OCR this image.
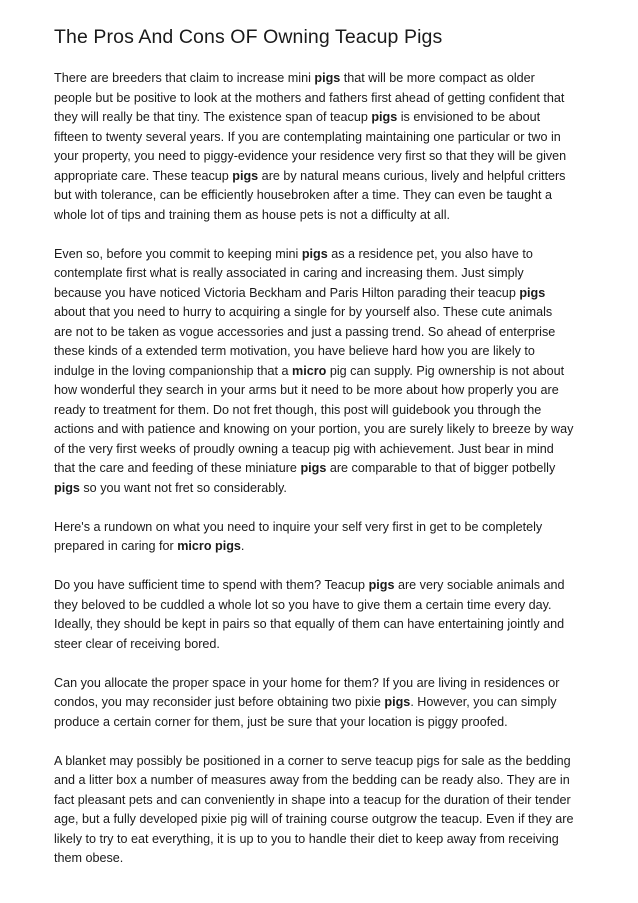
The Pros And Cons OF Owning Teacup Pigs

There are breeders that claim to increase mini pigs that will be more compact as older
people but be positive to look at the mothers and fathers first ahead of getting confident that
they will really be that tiny. The existence span of teacup pigs is envisioned to be about
fifteen to twenty several years. If you are contemplating maintaining one particular or two in
your property, you need to piggy-evidence your residence very first so that they will be given
appropriate care. These teacup pigs are by natural means curious, lively and helpful critters
but with tolerance, can be efficiently housebroken after a time. They can even be taught a
whole lot of tips and training them as house pets is not a difficulty at all.

Even so, before you commit to keeping mini pigs as a residence pet, you also have to
contemplate first what is really associated in caring and increasing them. Just simply
because you have noticed Victoria Beckham and Paris Hilton parading their teacup pigs
about that you need to hurry to acquiring a single for by yourself also. These cute animals
are not to be taken as vogue accessories and just a passing trend. So ahead of enterprise
these kinds of a extended term motivation, you have believe hard how you are likely to
indulge in the loving companionship that a micro pig can supply. Pig ownership is not about
how wonderful they search in your arms but it need to be more about how properly you are
ready to treatment for them. Do not fret though, this post will guidebook you through the
actions and with patience and knowing on your portion, you are surely likely to breeze by way
of the very first weeks of proudly owning a teacup pig with achievement. Just bear in mind
that the care and feeding of these miniature pigs are comparable to that of bigger potbelly
pigs so you want not fret so considerably.

Here's a rundown on what you need to inquire your self very first in get to be completely
prepared in caring for micro pigs.

Do you have sufficient time to spend with them? Teacup pigs are very sociable animals and
they beloved to be cuddled a whole lot so you have to give them a certain time every day.
Ideally, they should be kept in pairs so that equally of them can have entertaining jointly and
steer clear of receiving bored.

Can you allocate the proper space in your home for them? If you are living in residences or
condos, you may reconsider just before obtaining two pixie pigs. However, you can simply
produce a certain corner for them, just be sure that your location is piggy proofed.

A blanket may possibly be positioned in a corner to serve teacup pigs for sale as the bedding
and a litter box a number of measures away from the bedding can be ready also. They are in
fact pleasant pets and can conveniently in shape into a teacup for the duration of their tender
age, but a fully developed pixie pig will of training course outgrow the teacup. Even if they are
likely to try to eat everything, it is up to you to handle their diet to keep away from receiving
them obese.
